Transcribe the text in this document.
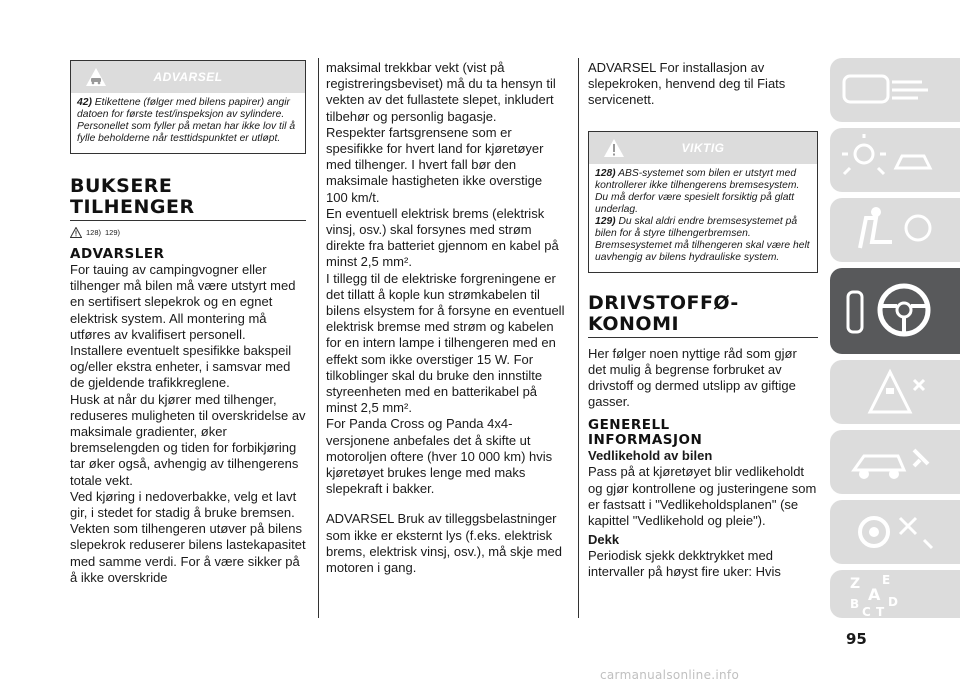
ADVARSEL
42) Etikettene (følger med bilens papirer) angir datoen for første test/inspeksjon av sylindere. Personellet som fyller på metan har ikke lov til å fylle beholderne når testtidspunktet er utløpt.
BUKSERE
TILHENGER
128) 129)
ADVARSLER

For tauing av campingvogner eller tilhenger må bilen må være utstyrt med en sertifisert slepekrok og en egnet elektrisk system. All montering må utføres av kvalifisert personell.

Installere eventuelt spesifikke bakspeil og/eller ekstra enheter, i samsvar med de gjeldende trafikkreglene.

Husk at når du kjører med tilhenger, reduseres muligheten til overskridelse av maksimale gradienter, øker bremselengden og tiden for forbikjøring tar øker også, avhengig av tilhengerens totale vekt.

Ved kjøring i nedoverbakke, velg et lavt gir, i stedet for stadig å bruke bremsen.

Vekten som tilhengeren utøver på bilens slepekrok reduserer bilens lastekapasitet med samme verdi. For å være sikker på å ikke overskride

maksimal trekkbar vekt (vist på registreringsbeviset) må du ta hensyn til vekten av det fullastete slepet, inkludert tilbehør og personlig bagasje.

Respekter fartsgrensene som er spesifikke for hvert land for kjøretøyer med tilhenger. I hvert fall bør den maksimale hastigheten ikke overstige 100 km/t.

En eventuell elektrisk brems (elektrisk vinsj, osv.) skal forsynes med strøm direkte fra batteriet gjennom en kabel på minst 2,5 mm².

I tillegg til de elektriske forgreningene er det tillatt å kople kun strømkabelen til bilens elsystem for å forsyne en eventuell elektrisk bremse med strøm og kabelen for en intern lampe i tilhengeren med en effekt som ikke overstiger 15 W. For tilkoblinger skal du bruke den innstilte styreenheten med en batterikabel på minst 2,5 mm².

For Panda Cross og Panda 4x4-versjonene anbefales det å skifte ut motoroljen oftere (hver 10 000 km) hvis kjøretøyet brukes lenge med maks slepekraft i bakker.

ADVARSEL Bruk av tilleggsbelastninger som ikke er eksternt lys (f.eks. elektrisk brems, elektrisk vinsj, osv.), må skje med motoren i gang.

ADVARSEL For installasjon av slepekroken, henvend deg til Fiats servicenett.

VIKTIG
128) ABS-systemet som bilen er utstyrt med kontrollerer ikke tilhengerens bremsesystem. Du må derfor være spesielt forsiktig på glatt underlag.
129) Du skal aldri endre bremsesystemet på bilen for å styre tilhengerbremsen. Bremsesystemet må tilhengeren skal være helt uavhengig av bilens hydrauliske system.
DRIVSTOFFØ-
KONOMI

Her følger noen nyttige råd som gjør det mulig å begrense forbruket av drivstoff og dermed utslipp av giftige gasser.

GENERELL
INFORMASJON
Vedlikehold av bilen

Pass på at kjøretøyet blir vedlikeholdt og gjør kontrollene og justeringene som er fastsatt i "Vedlikeholdsplanen" (se kapittel "Vedlikehold og pleie").

Dekk

Periodisk sjekk dekktrykket med intervaller på høyst fire uker: Hvis

Z E
B A
C T
D
95
carmanualsonline.info
